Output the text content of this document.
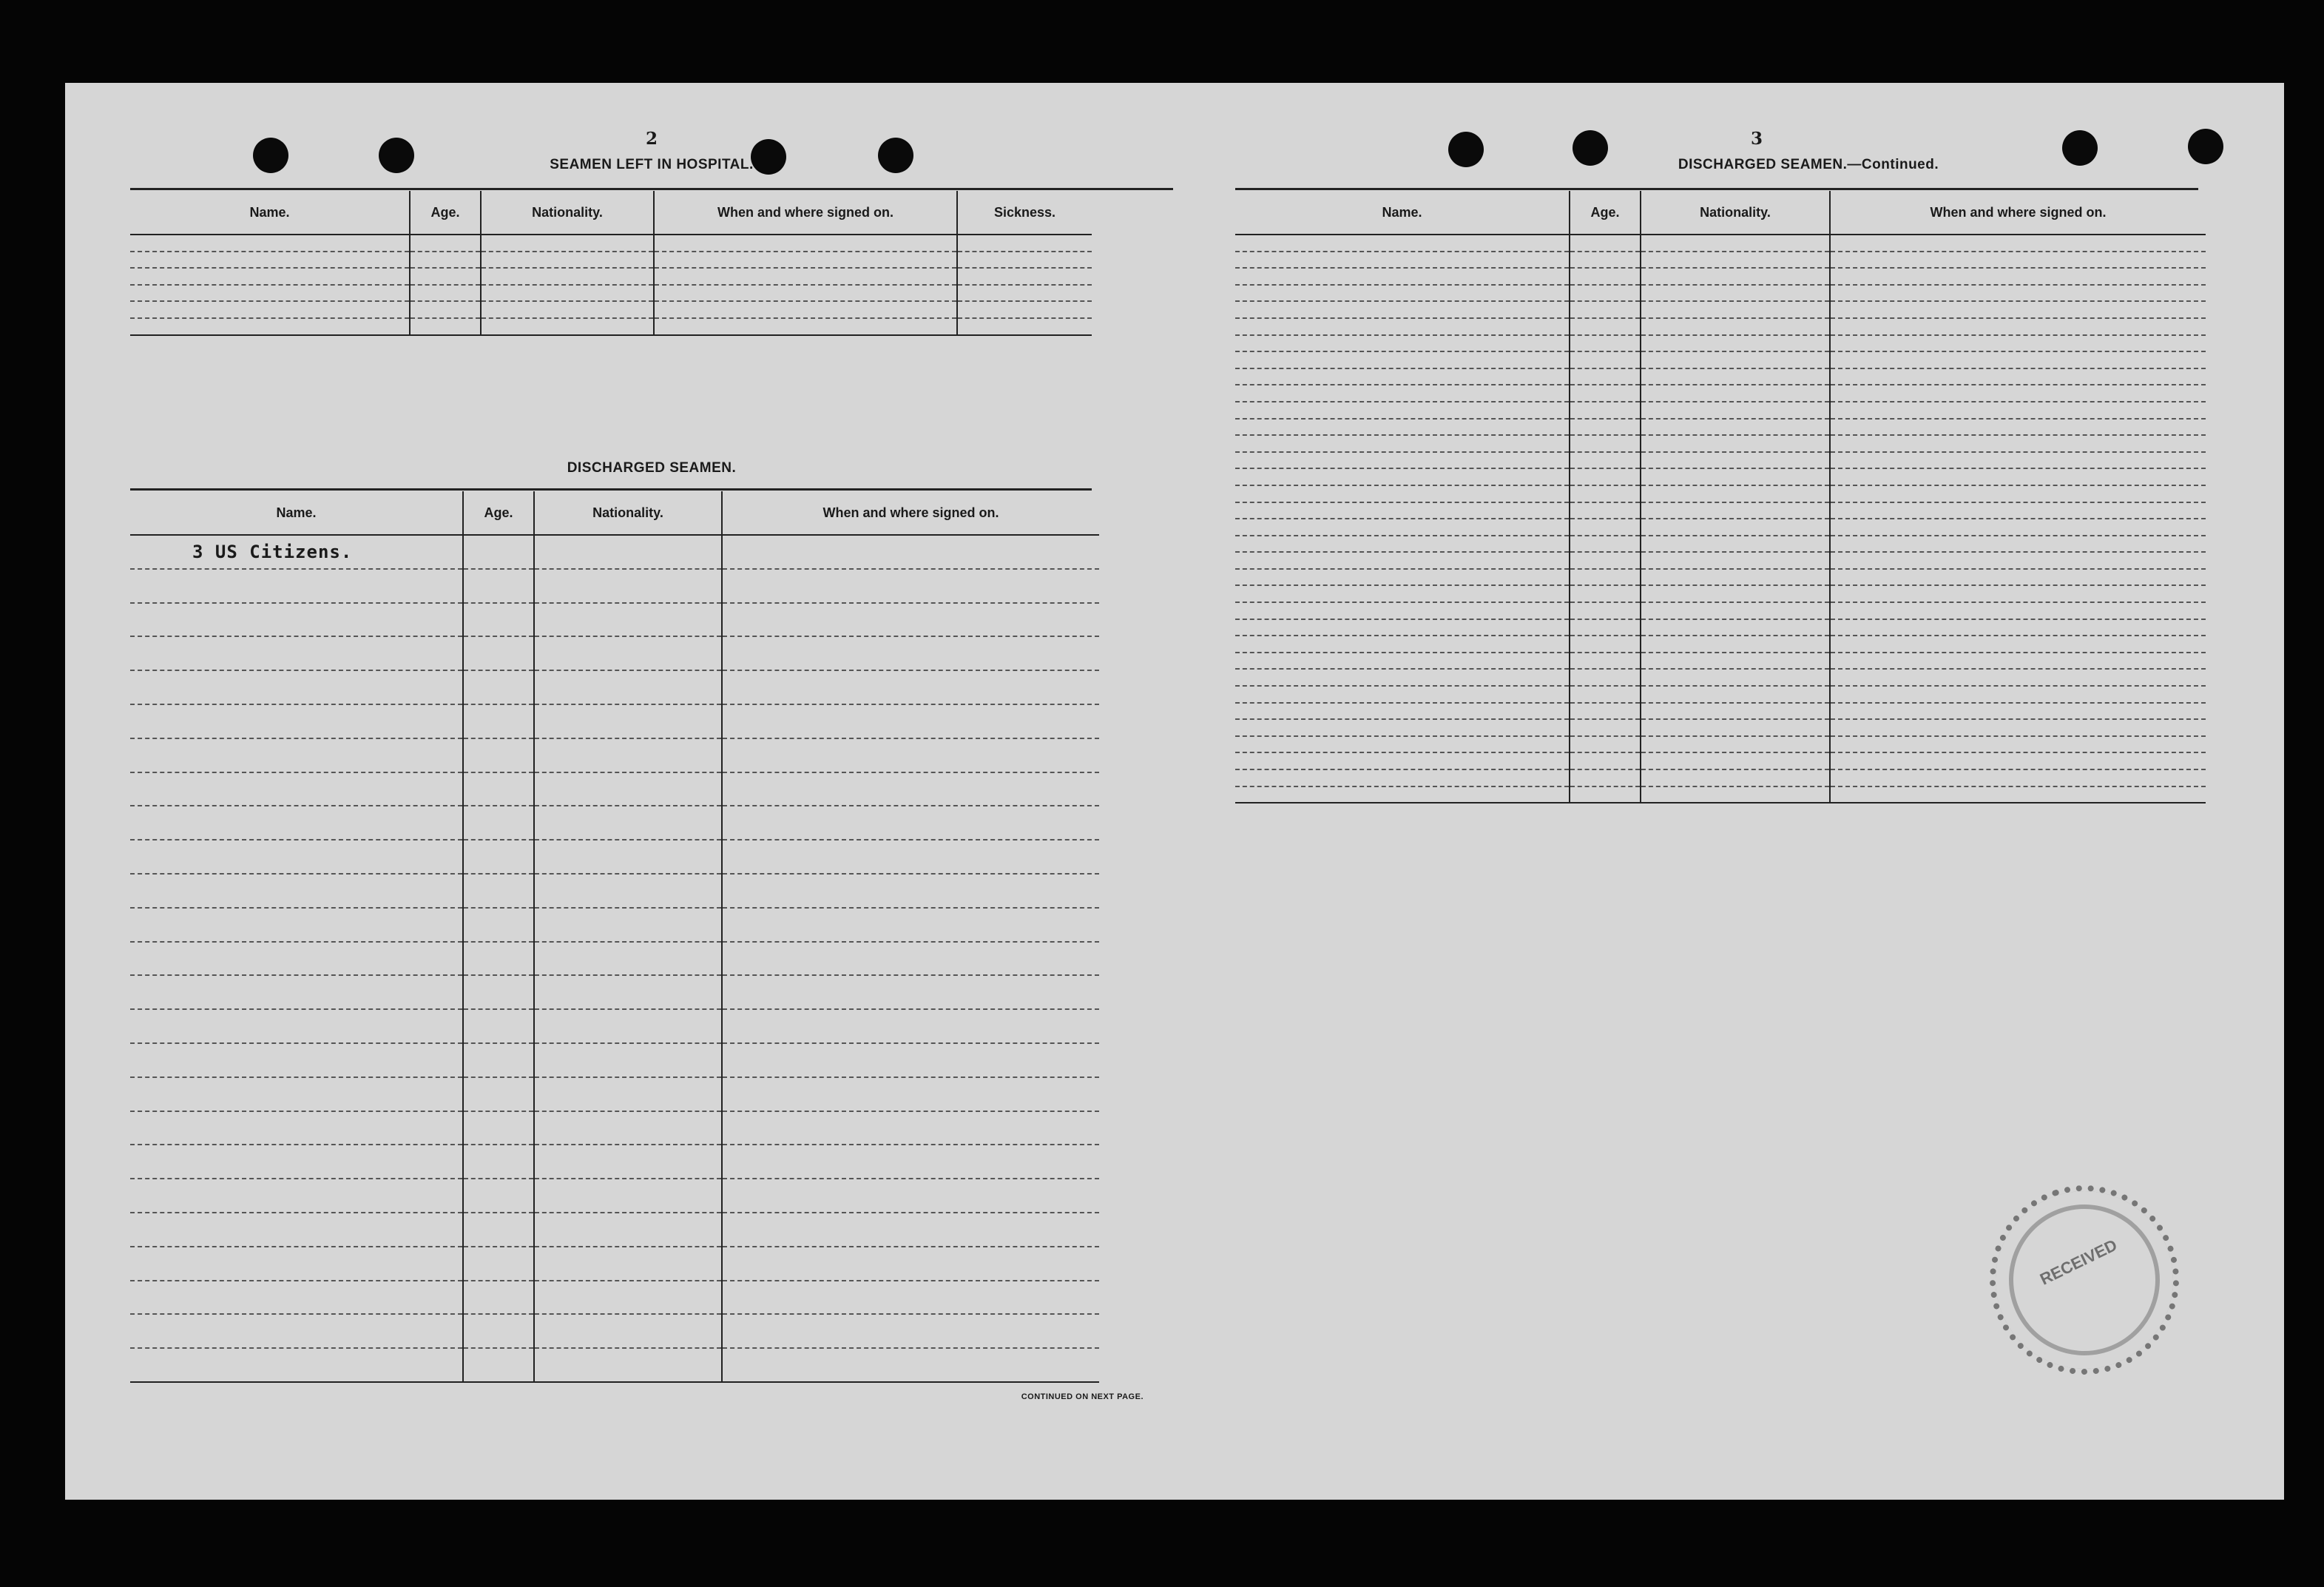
2
SEAMEN LEFT IN HOSPITAL.
Name.	Age.	Nationality.	When and where signed on.	Sickness.

DISCHARGED SEAMEN.
Name.	Age.	Nationality.	When and where signed on.
3 US Citizens.			

CONTINUED ON NEXT PAGE.
3
DISCHARGED SEAMEN.—Continued.
Name.	Age.	Nationality.	When and where signed on.

RECEIVED
